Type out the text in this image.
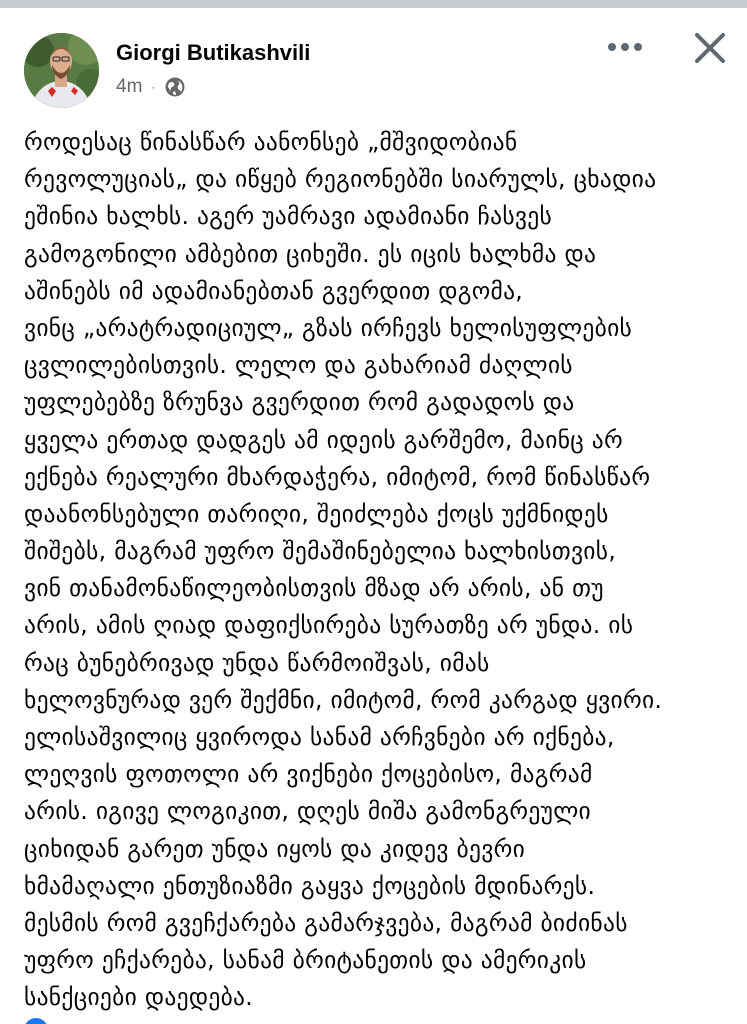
Giorgi Butikashvili
4m ·
როდესაც წინასწარ აანონსებ „მშვიდობიან
რევოლუციას„ და იწყებ რეგიონებში სიარულს, ცხადია
ეშინია ხალხს. აგერ უამრავი ადამიანი ჩასვეს
გამოგონილი ამბებით ციხეში. ეს იცის ხალხმა და
აშინებს იმ ადამიანებთან გვერდით დგომა,
ვინც „არატრადიციულ„ გზას ირჩევს ხელისუფლების
ცვლილებისთვის. ლელო და გახარიამ ძაღლის
უფლებებზე ზრუნვა გვერდით რომ გადადოს და
ყველა ერთად დადგეს ამ იდეის გარშემო, მაინც არ
ექნება რეალური მხარდაჭერა, იმიტომ, რომ წინასწარ
დაანონსებული თარიღი, შეიძლება ქოცს უქმნიდეს
შიშებს, მაგრამ უფრო შემაშინებელია ხალხისთვის,
ვინ თანამონაწილეობისთვის მზად არ არის, ან თუ
არის, ამის ღიად დაფიქსირება სურათზე არ უნდა. ის
რაც ბუნებრივად უნდა წარმოიშვას, იმას
ხელოვნურად ვერ შექმნი, იმიტომ, რომ კარგად ყვირი.
ელისაშვილიც ყვიროდა სანამ არჩვნები არ იქნება,
ლეღვის ფოთოლი არ ვიქნები ქოცებისო, მაგრამ
არის. იგივე ლოგიკით, დღეს მიშა გამონგრეული
ციხიდან გარეთ უნდა იყოს და კიდევ ბევრი
ხმამაღალი ენთუზიაზმი გაყვა ქოცების მდინარეს.
მესმის რომ გვეჩქარება გამარჯვება, მაგრამ ბიძინას
უფრო ეჩქარება, სანამ ბრიტანეთის და ამერიკის
სანქციები დაედება.
